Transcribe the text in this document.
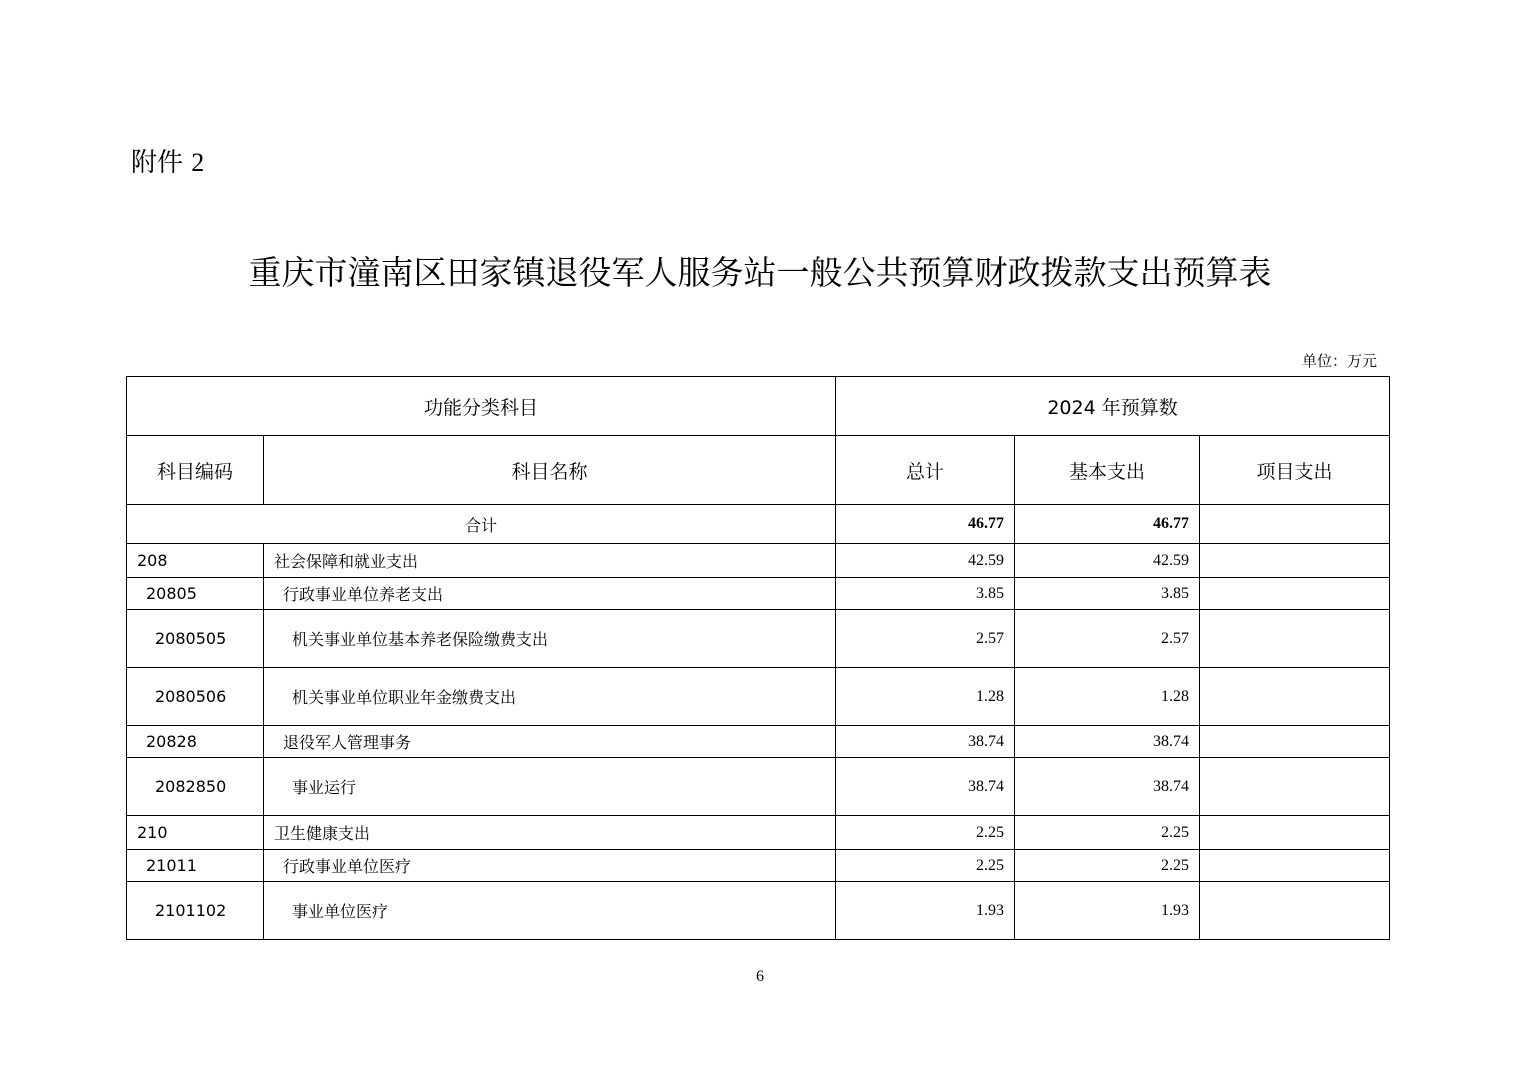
附件 2
重庆市潼南区田家镇退役军人服务站一般公共预算财政拨款支出预算表
单位：万元
功能分类科目		2024 年预算数		
科目编码	科目名称	总计	基本支出	项目支出
合计		46.77	46.77	
208	社会保障和就业支出	42.59	42.59	
20805	行政事业单位养老支出	3.85	3.85	
2080505	机关事业单位基本养老保险缴费支出	2.57	2.57	
2080506	机关事业单位职业年金缴费支出	1.28	1.28	
20828	退役军人管理事务	38.74	38.74	
2082850	事业运行	38.74	38.74	
210	卫生健康支出	2.25	2.25	
21011	行政事业单位医疗	2.25	2.25	
2101102	事业单位医疗	1.93	1.93	
6
